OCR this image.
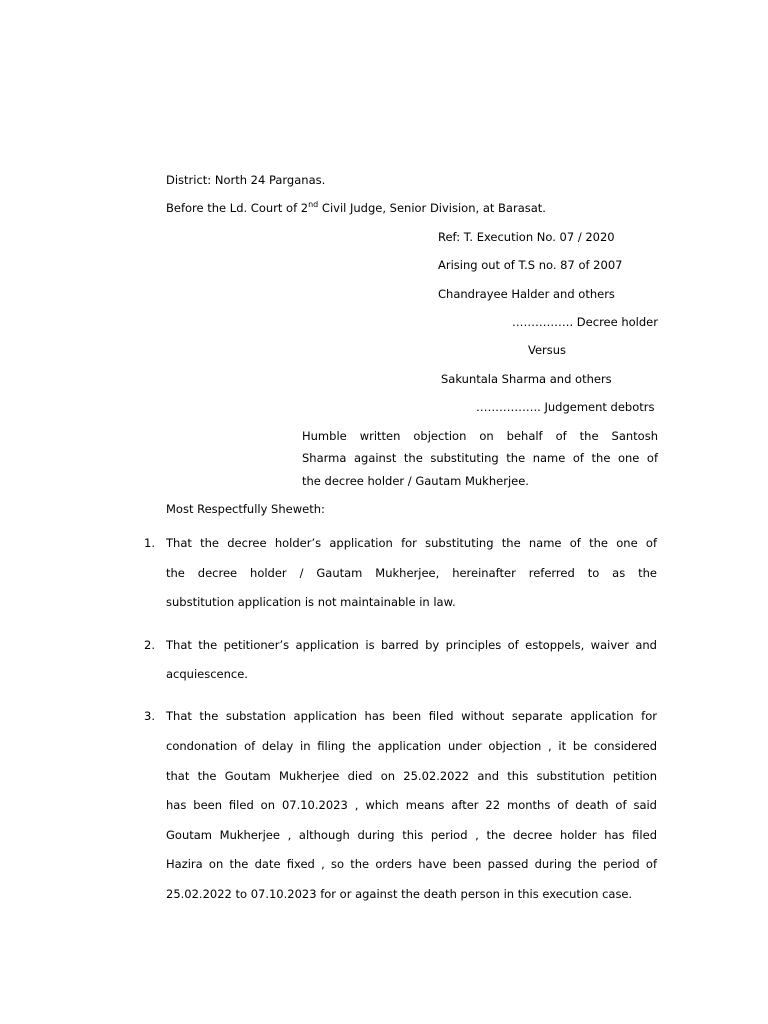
District: North 24 Parganas.
Before the Ld. Court of 2nd Civil Judge, Senior Division, at Barasat.
Ref: T. Execution No. 07 / 2020
Arising out of T.S no. 87 of 2007
Chandrayee Halder and others
……………. Decree holder
Versus
Sakuntala Sharma and others
…………….. Judgement debotrs
Humble written objection on behalf of the Santosh
Sharma against the substituting the name of the one of
the decree holder / Gautam Mukherjee.
Most Respectfully Sheweth:
1. That the decree holder’s application for substituting the name of the one of
the decree holder / Gautam Mukherjee, hereinafter referred to as the
substitution application is not maintainable in law.
2. That the petitioner’s application is barred by principles of estoppels, waiver and
acquiescence.
3. That the substation application has been filed without separate application for
condonation of delay in filing the application under objection , it be considered
that the Goutam Mukherjee died on 25.02.2022 and this substitution petition
has been filed on 07.10.2023 , which means after 22 months of death of said
Goutam Mukherjee , although during this period , the decree holder has filed
Hazira on the date fixed , so the orders have been passed during the period of
25.02.2022 to 07.10.2023 for or against the death person in this execution case.
